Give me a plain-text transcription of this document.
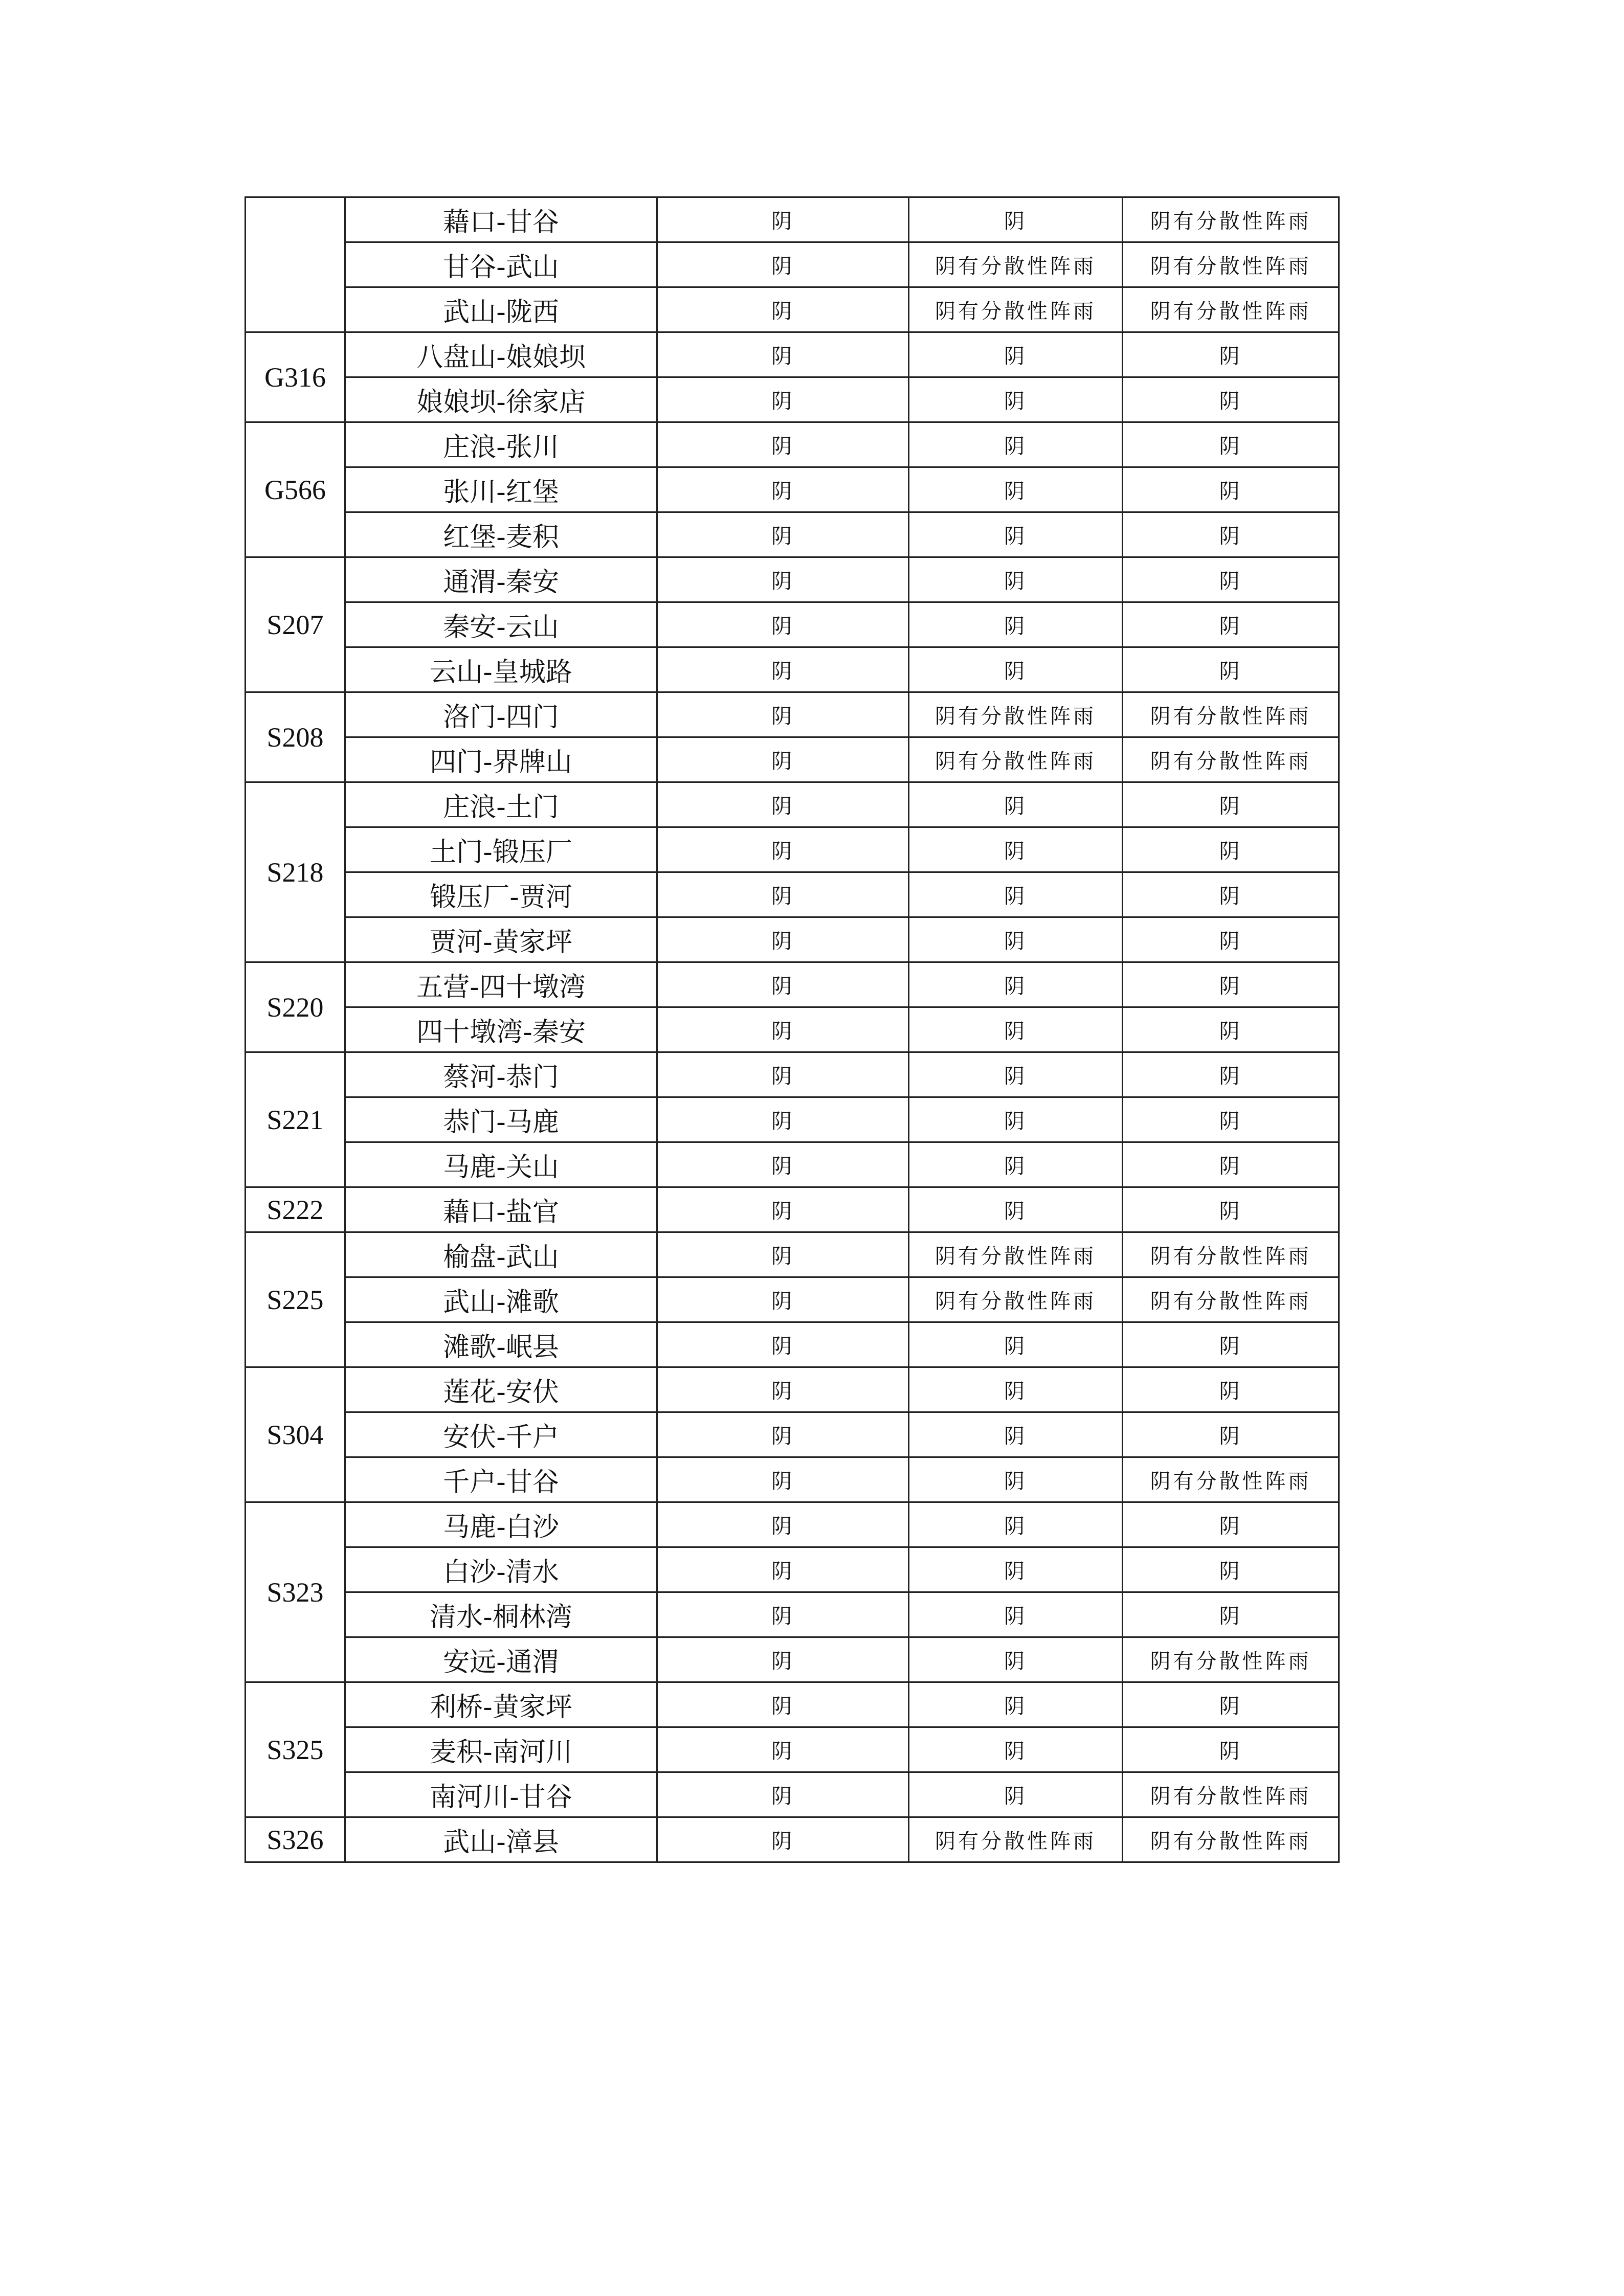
	藉口-甘谷	阴	阴	阴有分散性阵雨
	甘谷-武山	阴	阴有分散性阵雨	阴有分散性阵雨
	武山-陇西	阴	阴有分散性阵雨	阴有分散性阵雨
G316	八盘山-娘娘坝	阴	阴	阴
	娘娘坝-徐家店	阴	阴	阴
G566	庄浪-张川	阴	阴	阴
	张川-红堡	阴	阴	阴
	红堡-麦积	阴	阴	阴
S207	通渭-秦安	阴	阴	阴
	秦安-云山	阴	阴	阴
	云山-皇城路	阴	阴	阴
S208	洛门-四门	阴	阴有分散性阵雨	阴有分散性阵雨
	四门-界牌山	阴	阴有分散性阵雨	阴有分散性阵雨
S218	庄浪-土门	阴	阴	阴
	土门-锻压厂	阴	阴	阴
	锻压厂-贾河	阴	阴	阴
	贾河-黄家坪	阴	阴	阴
S220	五营-四十墩湾	阴	阴	阴
	四十墩湾-秦安	阴	阴	阴
S221	蔡河-恭门	阴	阴	阴
	恭门-马鹿	阴	阴	阴
	马鹿-关山	阴	阴	阴
S222	藉口-盐官	阴	阴	阴
S225	榆盘-武山	阴	阴有分散性阵雨	阴有分散性阵雨
	武山-滩歌	阴	阴有分散性阵雨	阴有分散性阵雨
	滩歌-岷县	阴	阴	阴
S304	莲花-安伏	阴	阴	阴
	安伏-千户	阴	阴	阴
	千户-甘谷	阴	阴	阴有分散性阵雨
S323	马鹿-白沙	阴	阴	阴
	白沙-清水	阴	阴	阴
	清水-桐林湾	阴	阴	阴
	安远-通渭	阴	阴	阴有分散性阵雨
S325	利桥-黄家坪	阴	阴	阴
	麦积-南河川	阴	阴	阴
	南河川-甘谷	阴	阴	阴有分散性阵雨
S326	武山-漳县	阴	阴有分散性阵雨	阴有分散性阵雨
